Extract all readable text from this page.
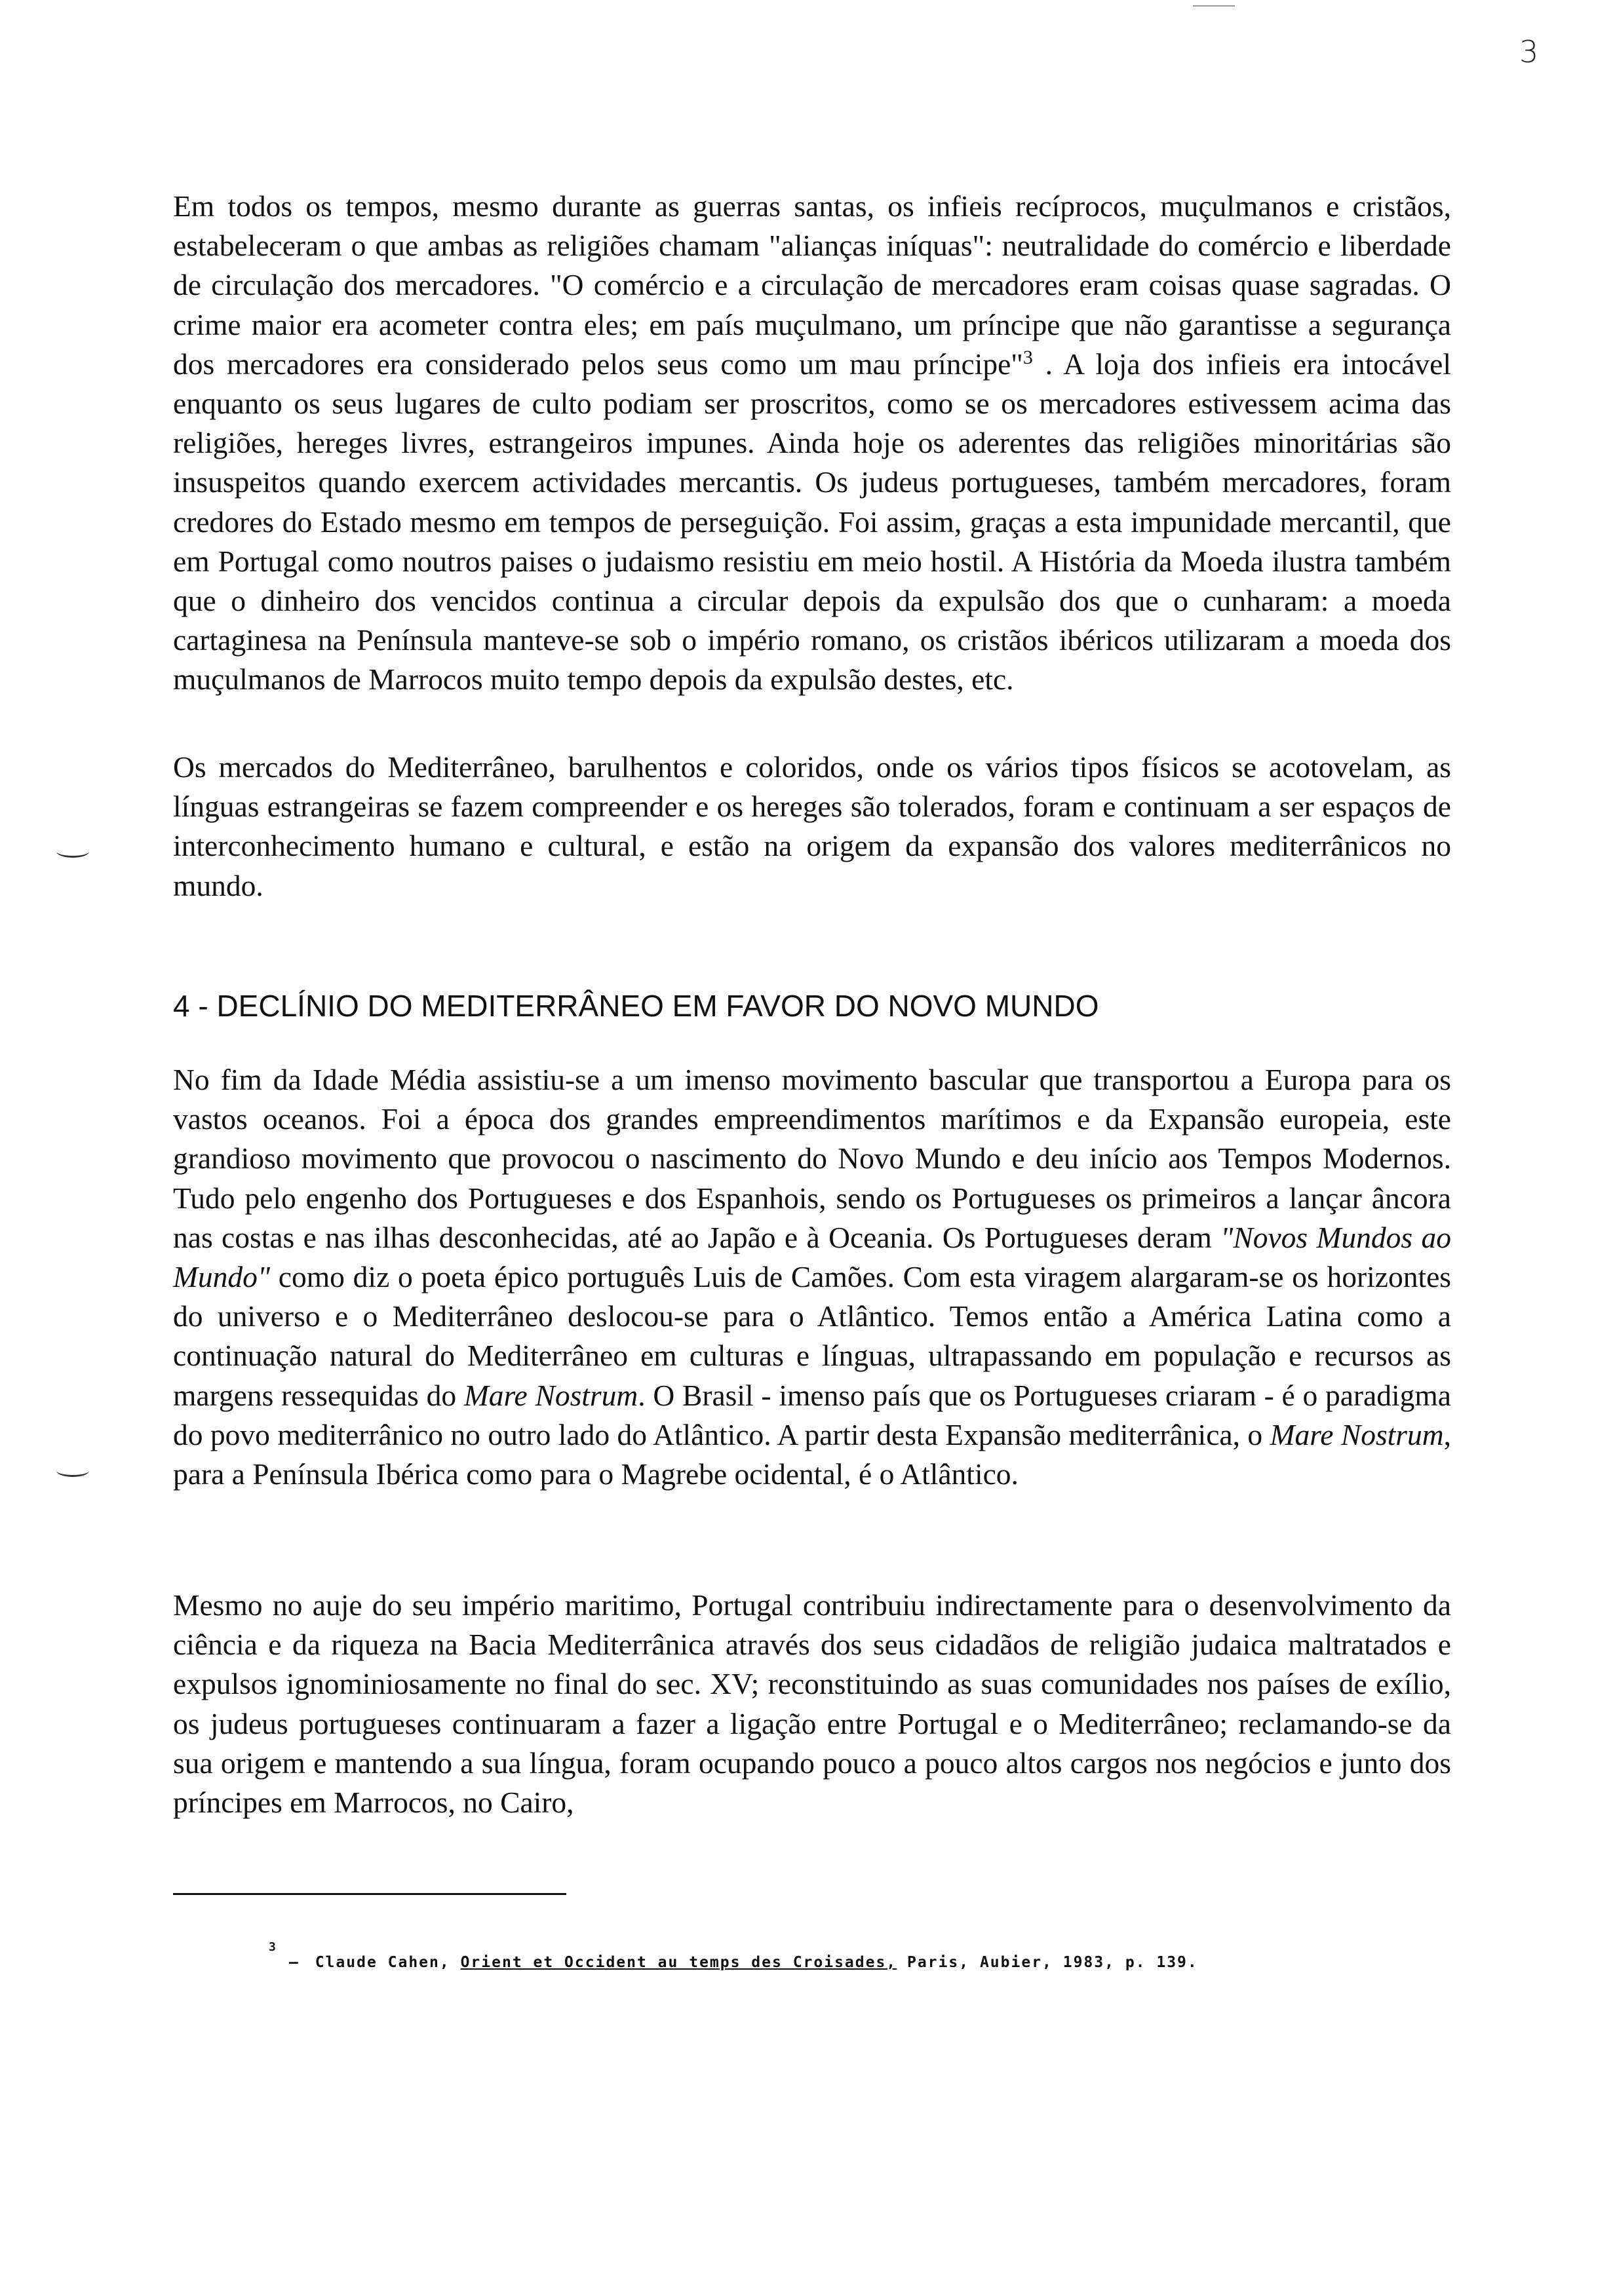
3

Em todos os tempos, mesmo durante as guerras santas, os infieis recíprocos, muçulmanos e cristãos, estabeleceram o que ambas as religiões chamam "alianças iníquas": neutralidade do comércio e liberdade de circulação dos mercadores. "O comércio e a circulação de mercadores eram coisas quase sagradas. O crime maior era acometer contra eles; em país muçulmano, um príncipe que não garantisse a segurança dos mercadores era considerado pelos seus como um mau príncipe"$^3$ . A loja dos infieis era intocável enquanto os seus lugares de culto podiam ser proscritos, como se os mercadores estivessem acima das religiões, hereges livres, estrangeiros impunes. Ainda hoje os aderentes das religiões minoritárias são insuspeitos quando exercem actividades mercantis. Os judeus portugueses, também mercadores, foram credores do Estado mesmo em tempos de perseguição. Foi assim, graças a esta impunidade mercantil, que em Portugal como noutros paises o judaismo resistiu em meio hostil. A História da Moeda ilustra também que o dinheiro dos vencidos continua a circular depois da expulsão dos que o cunharam: a moeda cartaginesa na Península manteve-se sob o império romano, os cristãos ibéricos utilizaram a moeda dos muçulmanos de Marrocos muito tempo depois da expulsão destes, etc.

Os mercados do Mediterrâneo, barulhentos e coloridos, onde os vários tipos físicos se acotovelam, as línguas estrangeiras se fazem compreender e os hereges são tolerados, foram e continuam a ser espaços de interconhecimento humano e cultural, e estão na origem da expansão dos valores mediterrânicos no mundo.

4 - DECLÍNIO DO MEDITERRÂNEO EM FAVOR DO NOVO MUNDO

No fim da Idade Média assistiu-se a um imenso movimento bascular que transportou a Europa para os vastos oceanos. Foi a época dos grandes empreendimentos marítimos e da Expansão europeia, este grandioso movimento que provocou o nascimento do Novo Mundo e deu início aos Tempos Modernos. Tudo pelo engenho dos Portugueses e dos Espanhois, sendo os Portugueses os primeiros a lançar âncora nas costas e nas ilhas desconhecidas, até ao Japão e à Oceania. Os Portugueses deram "Novos Mundos ao Mundo" como diz o poeta épico português Luis de Camões. Com esta viragem alargaram-se os horizontes do universo e o Mediterrâneo deslocou-se para o Atlântico. Temos então a América Latina como a continuação natural do Mediterrâneo em culturas e línguas, ultrapassando em população e recursos as margens ressequidas do Mare Nostrum. O Brasil - imenso país que os Portugueses criaram - é o paradigma do povo mediterrânico no outro lado do Atlântico. A partir desta Expansão mediterrânica, o Mare Nostrum, para a Península Ibérica como para o Magrebe ocidental, é o Atlântico.

Mesmo no auje do seu império maritimo, Portugal contribuiu indirectamente para o desenvolvimento da ciência e da riqueza na Bacia Mediterrânica através dos seus cidadãos de religião judaica maltratados e expulsos ignominiosamente no final do sec. XV; reconstituindo as suas comunidades nos países de exílio, os judeus portugueses continuaram a fazer a ligação entre Portugal e o Mediterrâneo; reclamando-se da sua origem e mantendo a sua língua, foram ocupando pouco a pouco altos cargos nos negócios e junto dos príncipes em Marrocos, no Cairo,

$^3$— Claude Cahen, Orient et Occident au temps des Croisades, Paris, Aubier, 1983, p. 139.
